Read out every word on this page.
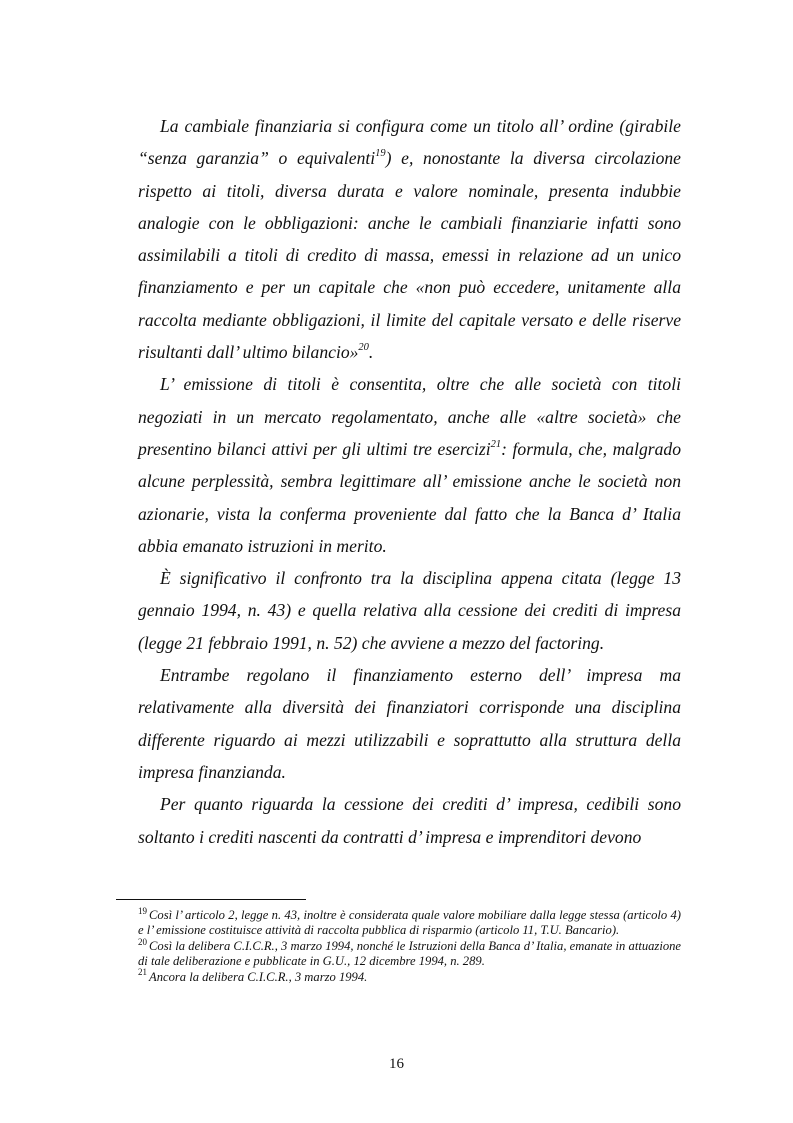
La cambiale finanziaria si configura come un titolo all’ ordine (girabile “senza garanzia” o equivalenti$^{19}$) e, nonostante la diversa circolazione rispetto ai titoli, diversa durata e valore nominale, presenta indubbie analogie con le obbligazioni: anche le cambiali finanziarie infatti sono assimilabili a titoli di credito di massa, emessi in relazione ad un unico finanziamento e per un capitale che «non può eccedere, unitamente alla raccolta mediante obbligazioni, il limite del capitale versato e delle riserve risultanti dall’ ultimo bilancio»$^{20}$.

L’ emissione di titoli è consentita, oltre che alle società con titoli negoziati in un mercato regolamentato, anche alle «altre società» che presentino bilanci attivi per gli ultimi tre esercizi$^{21}$: formula, che, malgrado alcune perplessità, sembra legittimare all’ emissione anche le società non azionarie, vista la conferma proveniente dal fatto che la Banca d’ Italia abbia emanato istruzioni in merito.

È significativo il confronto tra la disciplina appena citata (legge 13 gennaio 1994, n. 43) e quella relativa alla cessione dei crediti di impresa (legge 21 febbraio 1991, n. 52) che avviene a mezzo del factoring.

Entrambe regolano il finanziamento esterno dell’ impresa ma relativamente alla diversità dei finanziatori corrisponde una disciplina differente riguardo ai mezzi utilizzabili e soprattutto alla struttura della impresa finanzianda.

Per quanto riguarda la cessione dei crediti d’ impresa, cedibili sono soltanto i crediti nascenti da contratti d’ impresa e imprenditori devono

$^{19}$ Così l’ articolo 2, legge n. 43, inoltre è considerata quale valore mobiliare dalla legge stessa (articolo 4) e l’ emissione costituisce attività di raccolta pubblica di risparmio (articolo 11, T.U. Bancario).

$^{20}$ Così la delibera C.I.C.R., 3 marzo 1994, nonché le Istruzioni della Banca d’ Italia, emanate in attuazione di tale deliberazione e pubblicate in G.U., 12 dicembre 1994, n. 289.

$^{21}$ Ancora la delibera C.I.C.R., 3 marzo 1994.

16
